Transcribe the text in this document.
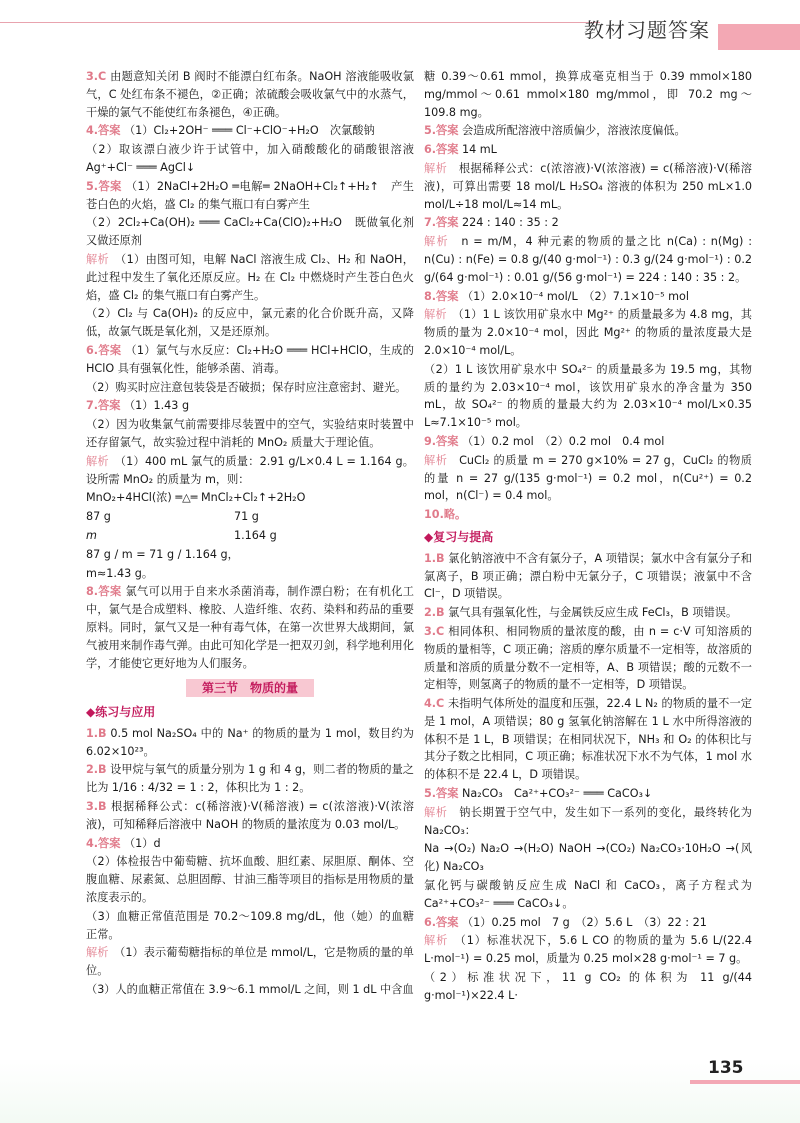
教材习题答案

3.C 由题意知关闭 B 阀时不能漂白红布条。NaOH 溶液能吸收氯气，C 处红布条不褪色，②正确；浓硫酸会吸收氯气中的水蒸气，干燥的氯气不能使红布条褪色，④正确。

4.答案 （1）Cl₂+2OH⁻ ═══ Cl⁻+ClO⁻+H₂O　次氯酸钠

（2）取该漂白液少许于试管中，加入硝酸酸化的硝酸银溶液 Ag⁺+Cl⁻ ═══ AgCl↓

5.答案 （1）2NaCl+2H₂O ═电解═ 2NaOH+Cl₂↑+H₂↑　产生苍白色的火焰，盛 Cl₂ 的集气瓶口有白雾产生

（2）2Cl₂+Ca(OH)₂ ═══ CaCl₂+Ca(ClO)₂+H₂O　既做氧化剂又做还原剂

解析　 （1）由图可知，电解 NaCl 溶液生成 Cl₂、H₂ 和 NaOH，此过程中发生了氧化还原反应。H₂ 在 Cl₂ 中燃烧时产生苍白色火焰，盛 Cl₂ 的集气瓶口有白雾产生。

（2）Cl₂ 与 Ca(OH)₂ 的反应中，氯元素的化合价既升高，又降低，故氯气既是氧化剂，又是还原剂。

6.答案 （1）氯气与水反应：Cl₂+H₂O ═══ HCl+HClO，生成的 HClO 具有强氧化性，能够杀菌、消毒。

（2）购买时应注意包装袋是否破损；保存时应注意密封、避光。

7.答案 （1）1.43 g

（2）因为收集氯气前需要排尽装置中的空气，实验结束时装置中还存留氯气，故实验过程中消耗的 MnO₂ 质量大于理论值。

解析　 （1）400 mL 氯气的质量：2.91 g/L×0.4 L = 1.164 g。设所需 MnO₂ 的质量为 m，则：

MnO₂+4HCl(浓) ═△═ MnCl₂+Cl₂↑+2H₂O

87 g	71 g

m	1.164 g

87 g / m = 71 g / 1.164 g，

m≈1.43 g。

8.答案 氯气可以用于自来水杀菌消毒，制作漂白粉；在有机化工中，氯气是合成塑料、橡胶、人造纤维、农药、染料和药品的重要原料。同时，氯气又是一种有毒气体，在第一次世界大战期间，氯气被用来制作毒气弹。由此可知化学是一把双刃剑，科学地利用化学，才能使它更好地为人们服务。

第三节　物质的量
◆练习与应用

1.B 0.5 mol Na₂SO₄ 中的 Na⁺ 的物质的量为 1 mol，数目约为 6.02×10²³。

2.B 设甲烷与氧气的质量分别为 1 g 和 4 g，则二者的物质的量之比为 1/16 : 4/32 = 1 : 2，体积比为 1 : 2。

3.B 根据稀释公式：c(稀溶液)·V(稀溶液) = c(浓溶液)·V(浓溶液)，可知稀释后溶液中 NaOH 的物质的量浓度为 0.03 mol/L。

4.答案 （1）d

（2）体检报告中葡萄糖、抗坏血酸、胆红素、尿胆原、酮体、空腹血糖、尿素氮、总胆固醇、甘油三酯等项目的指标是用物质的量浓度表示的。

（3）血糖正常值范围是 70.2～109.8 mg/dL，他（她）的血糖正常。

解析　 （1）表示葡萄糖指标的单位是 mmol/L，它是物质的量的单位。

（3）人的血糖正常值在 3.9～6.1 mmol/L 之间，则 1 dL 中含血

糖 0.39～0.61 mmol，换算成毫克相当于 0.39 mmol×180 mg/mmol～0.61 mmol×180 mg/mmol，即 70.2 mg～109.8 mg。

5.答案 会造成所配溶液中溶质偏少，溶液浓度偏低。

6.答案 14 mL

解析　 根据稀释公式：c(浓溶液)·V(浓溶液) = c(稀溶液)·V(稀溶液)，可算出需要 18 mol/L H₂SO₄ 溶液的体积为 250 mL×1.0 mol/L÷18 mol/L≈14 mL。

7.答案 224 : 140 : 35 : 2

解析　 n = m/M，4 种元素的物质的量之比 n(Ca) : n(Mg) : n(Cu) : n(Fe) = 0.8 g/(40 g·mol⁻¹) : 0.3 g/(24 g·mol⁻¹) : 0.2 g/(64 g·mol⁻¹) : 0.01 g/(56 g·mol⁻¹) = 224 : 140 : 35 : 2。

8.答案 （1）2.0×10⁻⁴ mol/L　（2）7.1×10⁻⁵ mol

解析　 （1）1 L 该饮用矿泉水中 Mg²⁺ 的质量最多为 4.8 mg，其物质的量为 2.0×10⁻⁴ mol，因此 Mg²⁺ 的物质的量浓度最大是 2.0×10⁻⁴ mol/L。

（2）1 L 该饮用矿泉水中 SO₄²⁻ 的质量最多为 19.5 mg，其物质的量约为 2.03×10⁻⁴ mol，该饮用矿泉水的净含量为 350 mL，故 SO₄²⁻ 的物质的量最大约为 2.03×10⁻⁴ mol/L×0.35 L≈7.1×10⁻⁵ mol。

9.答案 （1）0.2 mol　（2）0.2 mol　0.4 mol

解析　 CuCl₂ 的质量 m = 270 g×10% = 27 g，CuCl₂ 的物质的量 n = 27 g/(135 g·mol⁻¹) = 0.2 mol，n(Cu²⁺) = 0.2 mol，n(Cl⁻) = 0.4 mol。

10.略。

◆复习与提高

1.B 氯化钠溶液中不含有氯分子，A 项错误；氯水中含有氯分子和氯离子，B 项正确；漂白粉中无氯分子，C 项错误；液氯中不含 Cl⁻，D 项错误。

2.B 氯气具有强氧化性，与金属铁反应生成 FeCl₃，B 项错误。

3.C 相同体积、相同物质的量浓度的酸，由 n = c·V 可知溶质的物质的量相等，C 项正确；溶质的摩尔质量不一定相等，故溶质的质量和溶质的质量分数不一定相等，A、B 项错误；酸的元数不一定相等，则氢离子的物质的量不一定相等，D 项错误。

4.C 未指明气体所处的温度和压强，22.4 L N₂ 的物质的量不一定是 1 mol，A 项错误；80 g 氢氧化钠溶解在 1 L 水中所得溶液的体积不是 1 L，B 项错误；在相同状况下，NH₃ 和 O₂ 的体积比与其分子数之比相同，C 项正确；标准状况下水不为气体，1 mol 水的体积不是 22.4 L，D 项错误。

5.答案 Na₂CO₃　Ca²⁺+CO₃²⁻ ═══ CaCO₃↓

解析　 钠长期置于空气中，发生如下一系列的变化，最终转化为 Na₂CO₃：

Na →(O₂) Na₂O →(H₂O) NaOH →(CO₂) Na₂CO₃·10H₂O →(风化) Na₂CO₃

氯化钙与碳酸钠反应生成 NaCl 和 CaCO₃，离子方程式为 Ca²⁺+CO₃²⁻ ═══ CaCO₃↓。

6.答案 （1）0.25 mol　7 g　（2）5.6 L　（3）22 : 21

解析　 （1）标准状况下，5.6 L CO 的物质的量为 5.6 L/(22.4 L·mol⁻¹) = 0.25 mol，质量为 0.25 mol×28 g·mol⁻¹ = 7 g。

（2）标准状况下，11 g CO₂ 的体积为 11 g/(44 g·mol⁻¹)×22.4 L·

135
